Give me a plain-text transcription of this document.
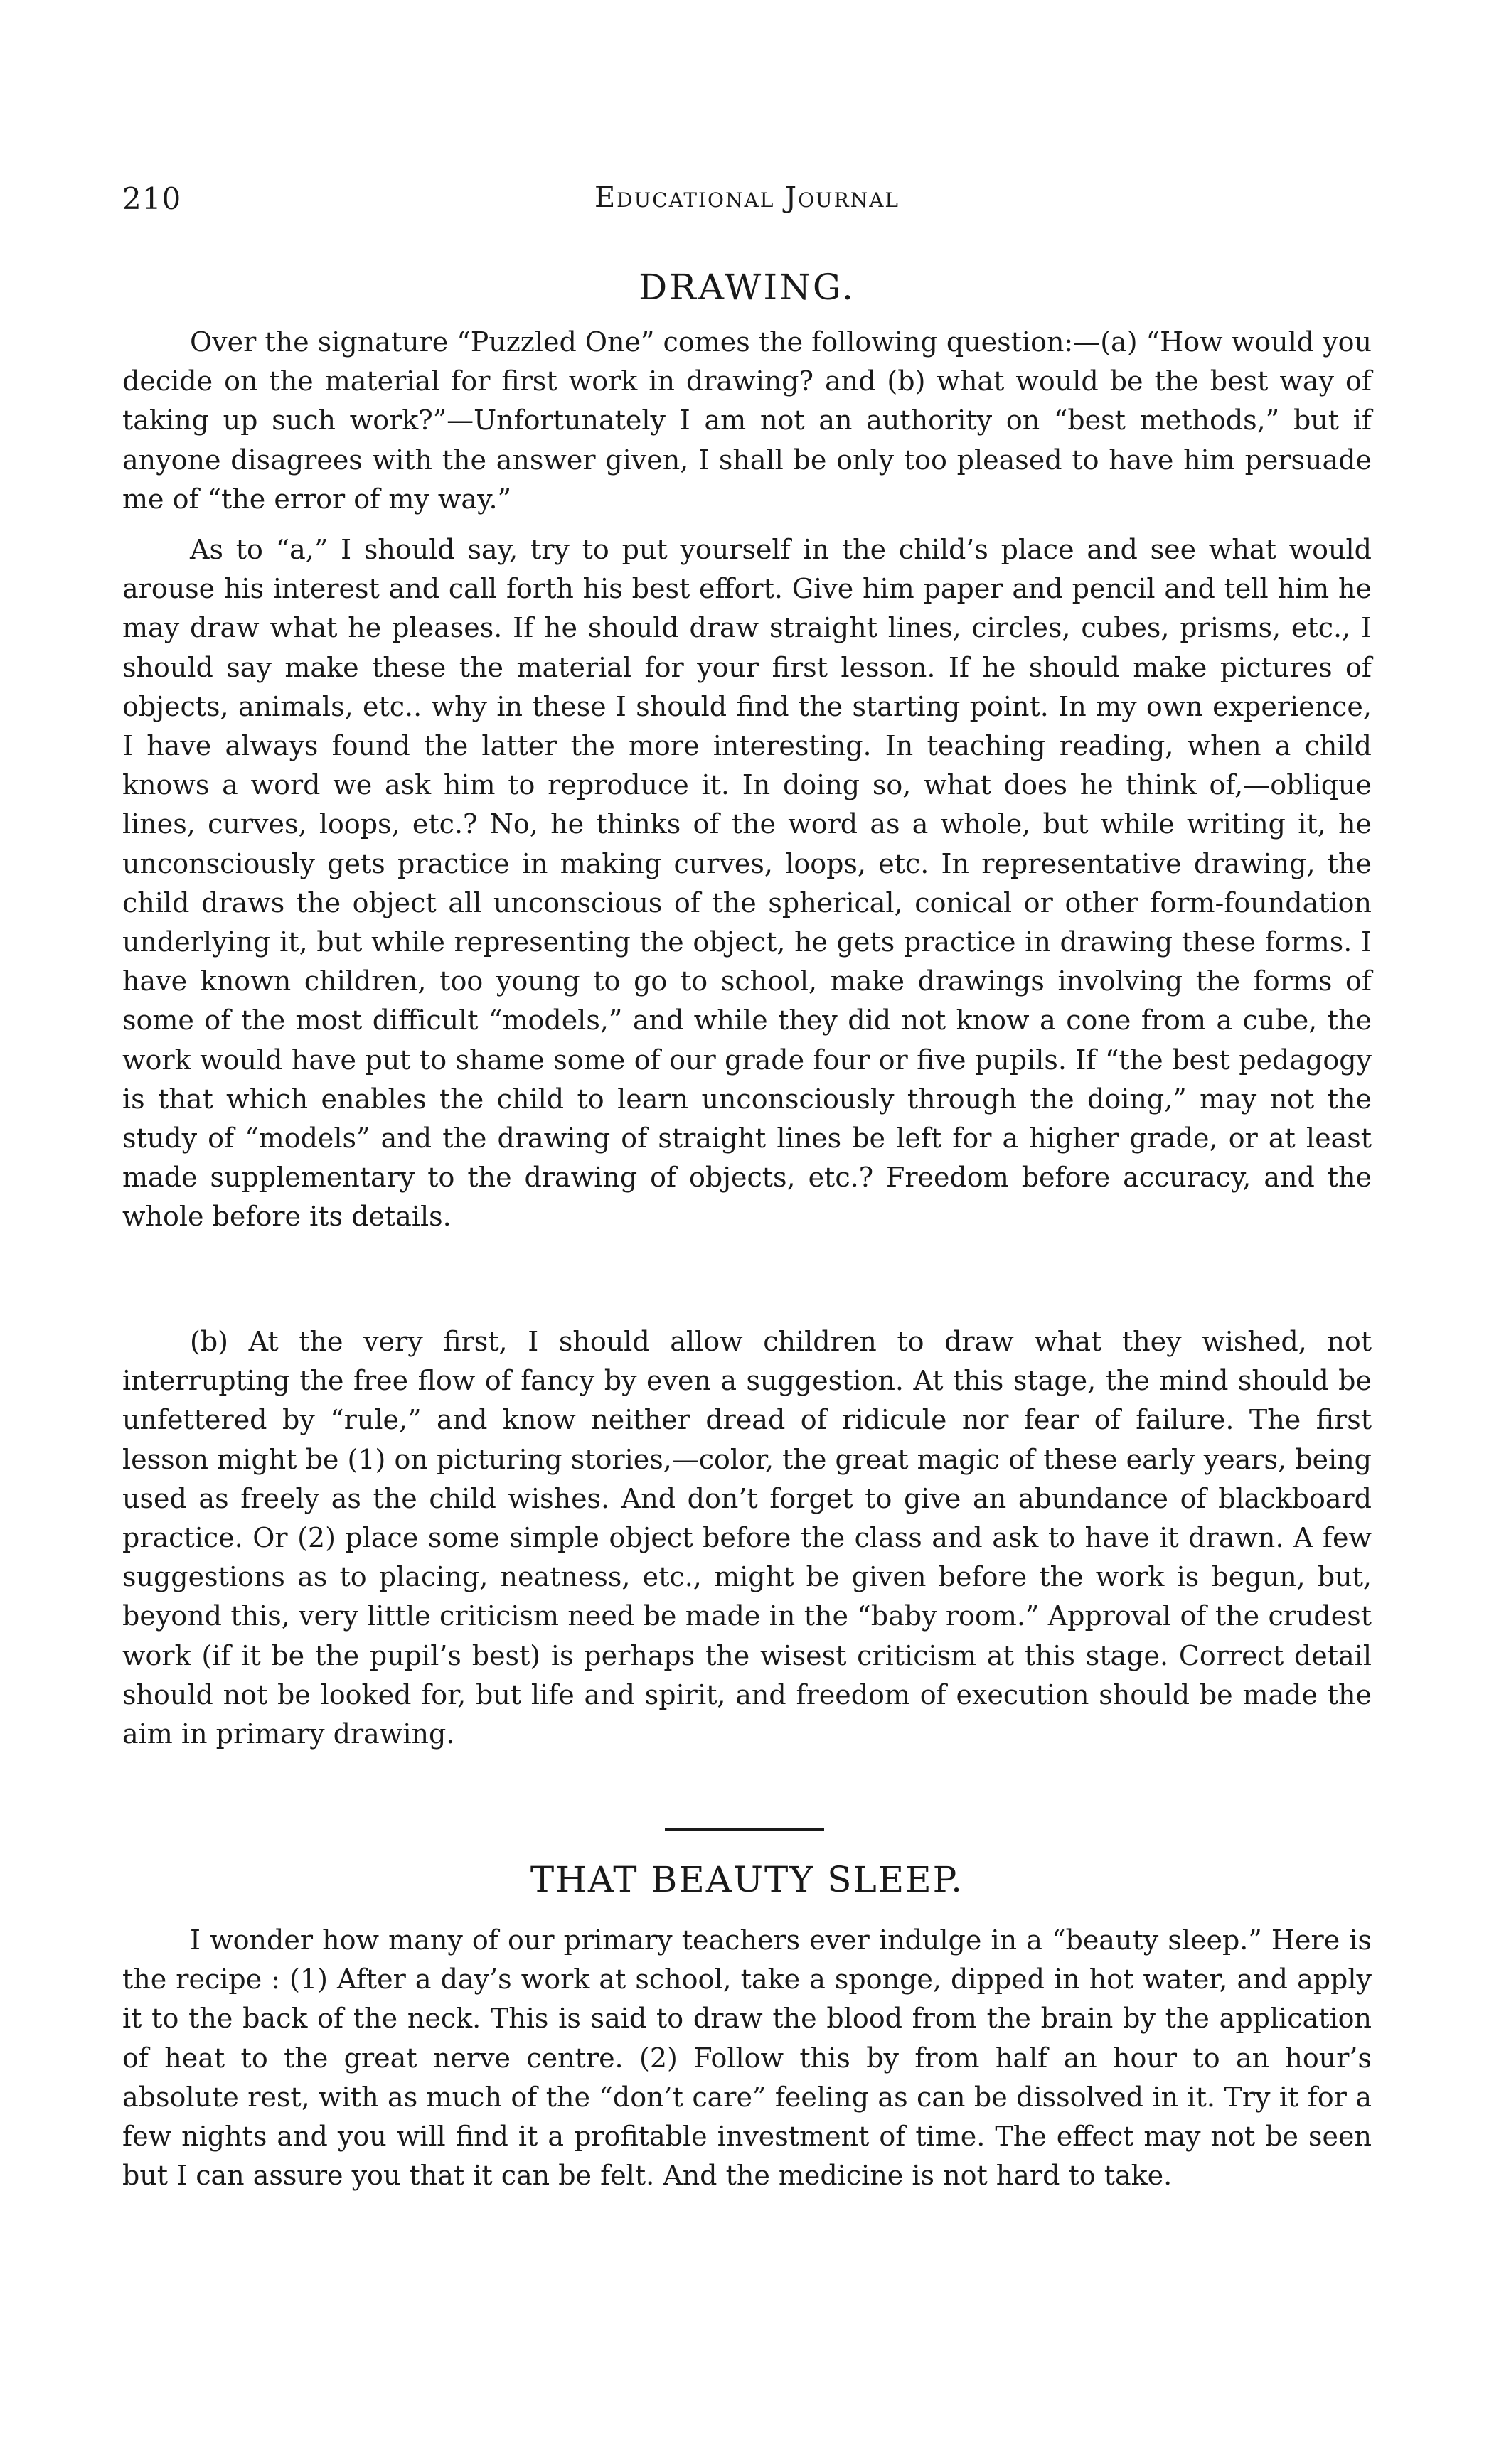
210	Educational Journal
DRAWING.

Over the signature “Puzzled One” comes the following question:—(a) “How would you decide on the material for first work in drawing? and (b) what would be the best way of taking up such work?”—Unfortunately I am not an authority on “best methods,” but if anyone disagrees with the answer given, I shall be only too pleased to have him persuade me of “the error of my way.”

As to “a,” I should say, try to put yourself in the child’s place and see what would arouse his interest and call forth his best effort. Give him paper and pencil and tell him he may draw what he pleases. If he should draw straight lines, circles, cubes, prisms, etc., I should say make these the material for your first lesson. If he should make pictures of objects, animals, etc.. why in these I should find the starting point. In my own experience, I have always found the latter the more interesting. In teaching reading, when a child knows a word we ask him to reproduce it. In doing so, what does he think of,—oblique lines, curves, loops, etc.? No, he thinks of the word as a whole, but while writing it, he unconsciously gets practice in making curves, loops, etc. In representative drawing, the child draws the object all unconscious of the spherical, conical or other form-foundation underlying it, but while representing the object, he gets practice in drawing these forms. I have known children, too young to go to school, make drawings involving the forms of some of the most difficult “models,” and while they did not know a cone from a cube, the work would have put to shame some of our grade four or five pupils. If “the best pedagogy is that which enables the child to learn unconsciously through the doing,” may not the study of “models” and the drawing of straight lines be left for a higher grade, or at least made supplementary to the drawing of objects, etc.? Freedom before accuracy, and the whole before its details.

(b) At the very first, I should allow children to draw what they wished, not interrupting the free flow of fancy by even a suggestion. At this stage, the mind should be unfettered by “rule,” and know neither dread of ridicule nor fear of failure. The first lesson might be (1) on picturing stories,—color, the great magic of these early years, being used as freely as the child wishes. And don’t forget to give an abundance of blackboard practice. Or (2) place some simple object before the class and ask to have it drawn. A few suggestions as to placing, neatness, etc., might be given before the work is begun, but, beyond this, very little criticism need be made in the “baby room.” Approval of the crudest work (if it be the pupil’s best) is perhaps the wisest criticism at this stage. Correct detail should not be looked for, but life and spirit, and freedom of execution should be made the aim in primary drawing.

THAT BEAUTY SLEEP.

I wonder how many of our primary teachers ever indulge in a “beauty sleep.” Here is the recipe : (1) After a day’s work at school, take a sponge, dipped in hot water, and apply it to the back of the neck. This is said to draw the blood from the brain by the application of heat to the great nerve centre. (2) Follow this by from half an hour to an hour’s absolute rest, with as much of the “don’t care” feeling as can be dissolved in it. Try it for a few nights and you will find it a profitable investment of time. The effect may not be seen but I can assure you that it can be felt. And the medicine is not hard to take.
